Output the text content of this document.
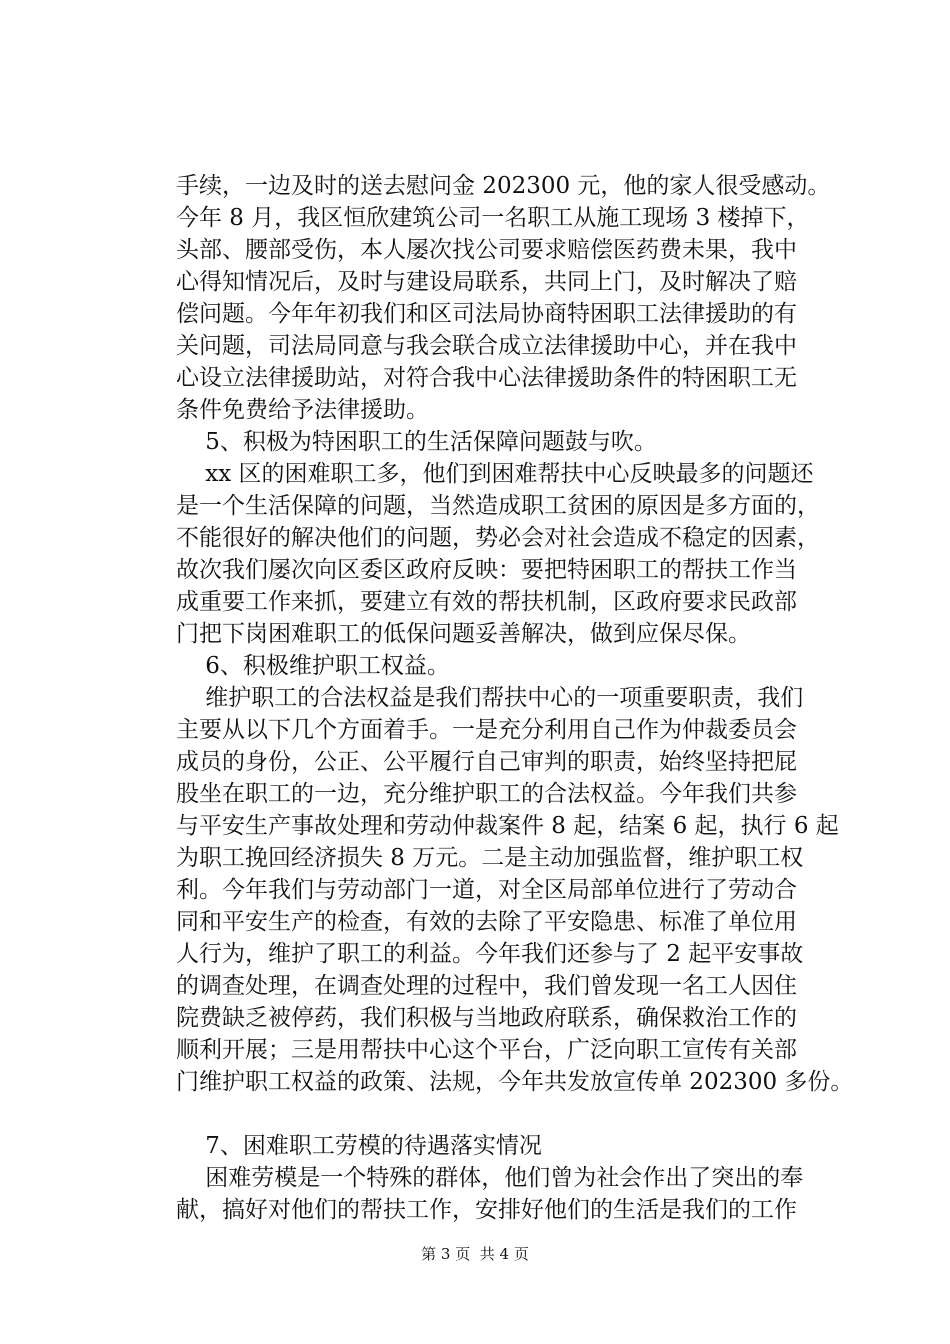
手续，一边及时的送去慰问金 202300 元，他的家人很受感动。
今年 8 月，我区恒欣建筑公司一名职工从施工现场 3 楼掉下，
头部、腰部受伤，本人屡次找公司要求赔偿医药费未果，我中
心得知情况后，及时与建设局联系，共同上门，及时解决了赔
偿问题。今年年初我们和区司法局协商特困职工法律援助的有
关问题，司法局同意与我会联合成立法律援助中心，并在我中
心设立法律援助站，对符合我中心法律援助条件的特困职工无
条件免费给予法律援助。
5、积极为特困职工的生活保障问题鼓与吹。
xx 区的困难职工多，他们到困难帮扶中心反映最多的问题还
是一个生活保障的问题，当然造成职工贫困的原因是多方面的，
不能很好的解决他们的问题，势必会对社会造成不稳定的因素，
故次我们屡次向区委区政府反映：要把特困职工的帮扶工作当
成重要工作来抓，要建立有效的帮扶机制，区政府要求民政部
门把下岗困难职工的低保问题妥善解决，做到应保尽保。
6、积极维护职工权益。
维护职工的合法权益是我们帮扶中心的一项重要职责，我们
主要从以下几个方面着手。一是充分利用自己作为仲裁委员会
成员的身份，公正、公平履行自己审判的职责，始终坚持把屁
股坐在职工的一边，充分维护职工的合法权益。今年我们共参
与平安生产事故处理和劳动仲裁案件 8 起，结案 6 起，执行 6 起
为职工挽回经济损失 8 万元。二是主动加强监督，维护职工权
利。今年我们与劳动部门一道，对全区局部单位进行了劳动合
同和平安生产的检查，有效的去除了平安隐患、标准了单位用
人行为，维护了职工的利益。今年我们还参与了 2 起平安事故
的调查处理，在调查处理的过程中，我们曾发现一名工人因住
院费缺乏被停药，我们积极与当地政府联系，确保救治工作的
顺利开展；三是用帮扶中心这个平台，广泛向职工宣传有关部
门维护职工权益的政策、法规，今年共发放宣传单 202300 多份。
7、困难职工劳模的待遇落实情况
困难劳模是一个特殊的群体，他们曾为社会作出了突出的奉
献，搞好对他们的帮扶工作，安排好他们的生活是我们的工作
第 3 页  共 4 页
